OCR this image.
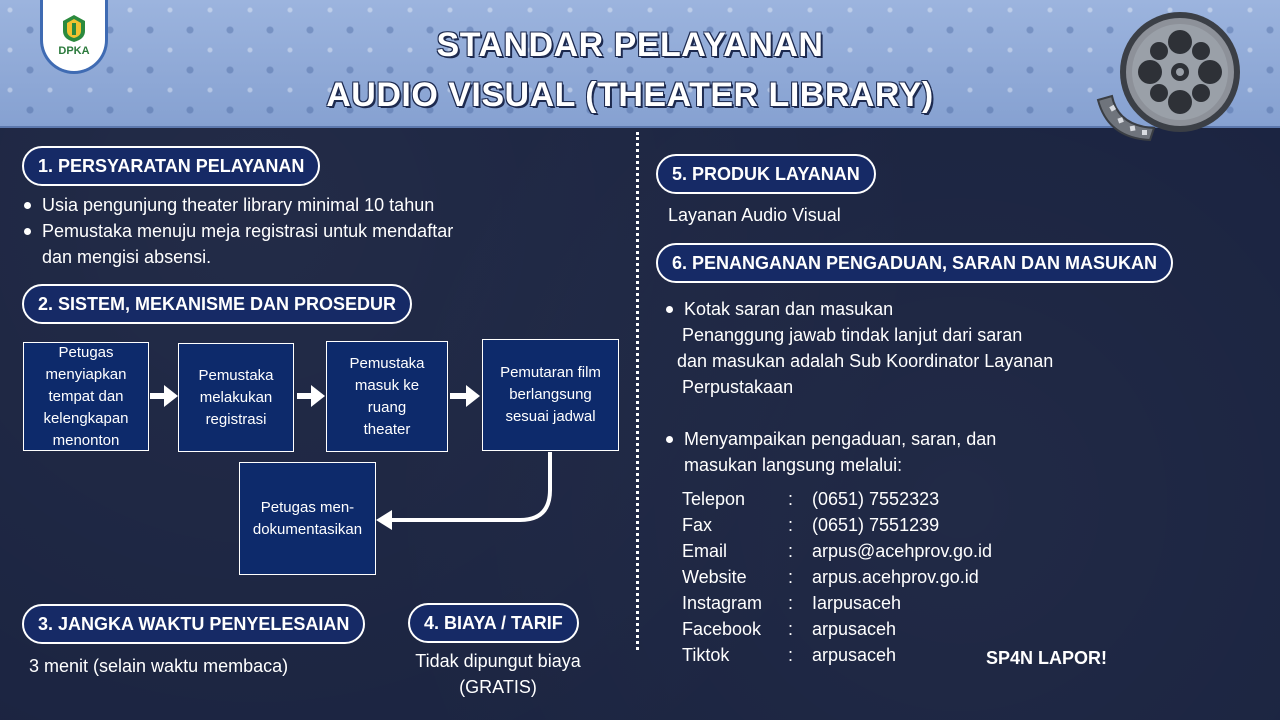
DPKA	STANDAR PELAYANAN
AUDIO VISUAL (THEATER LIBRARY)
1. PERSYARATAN PELAYANAN
Usia pengunjung theater library minimal 10 tahun
Pemustaka menuju meja registrasi untuk mendaftar
dan mengisi absensi.
2. SISTEM, MEKANISME DAN PROSEDUR
Petugas
menyiapkan
tempat dan
kelengkapan
menonton
Pemustaka
melakukan
registrasi
Pemustaka
masuk ke
ruang
theater
Pemutaran film
berlangsung
sesuai jadwal
Petugas men-
dokumentasikan
3. JANGKA WAKTU PENYELESAIAN
3 menit (selain waktu membaca)
4. BIAYA / TARIF
Tidak dipungut biaya
(GRATIS)
5. PRODUK LAYANAN
Layanan Audio Visual
6. PENANGANAN PENGADUAN, SARAN DAN MASUKAN
Kotak saran dan masukan
Penanggung jawab tindak lanjut dari saran
dan masukan adalah Sub Koordinator Layanan
Perpustakaan
Menyampaikan pengaduan, saran, dan
masukan langsung melalui:
Telepon : (0651) 7552323
Fax	: (0651) 7551239
Email	: arpus@acehprov.go.id
Website : arpus.acehprov.go.id
Instagram : Iarpusaceh
Facebook : arpusaceh
Tiktok	: arpusaceh	SP4N LAPOR!
